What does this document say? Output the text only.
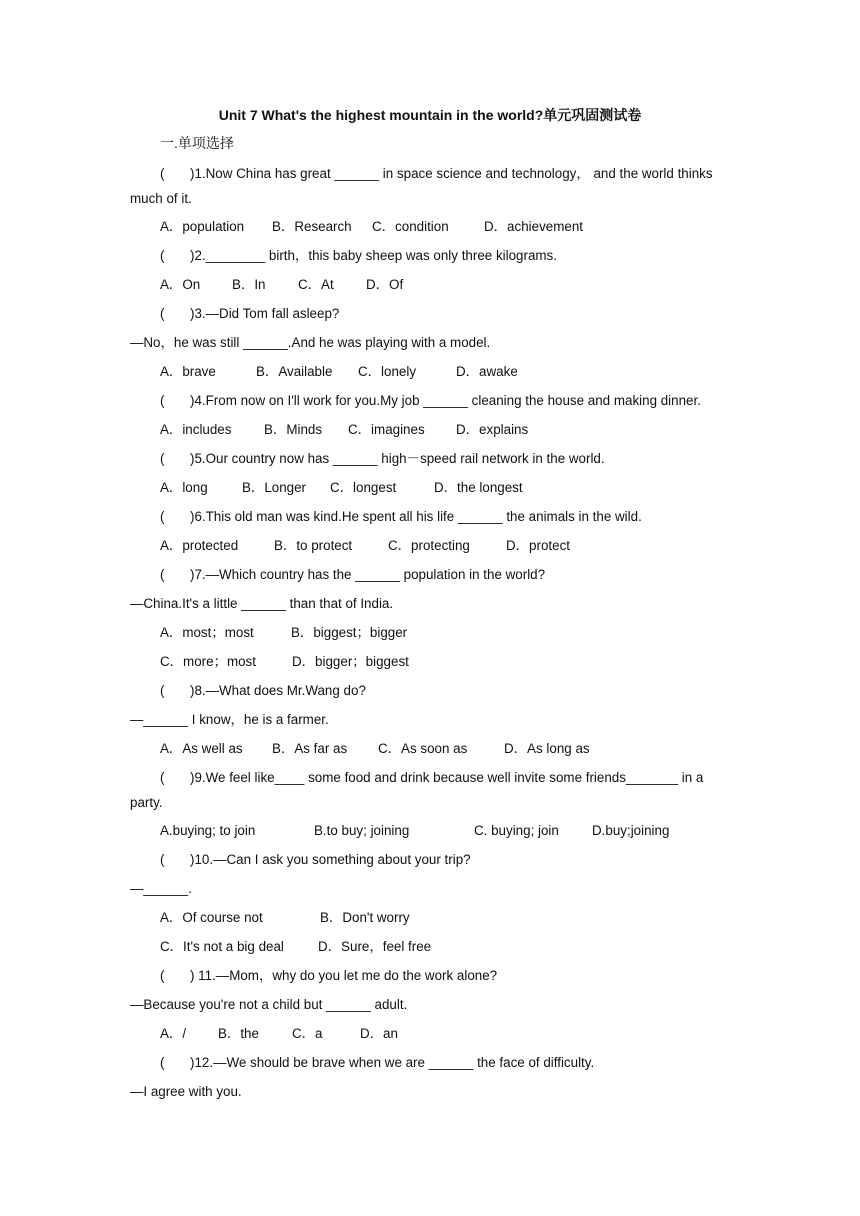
Unit 7 What's the highest mountain in the world?单元巩固测试卷
一.单项选择
( )1.Now China has great ______ in space science and technology， and the world thinks
much of it.
A．population B．Research C．condition	D．achievement
( )2.________ birth，this baby sheep was only three kilograms.
A．On B．In C．At D．Of
( )3.—Did Tom fall asleep?
—No，he was still ______.And he was playing with a model.
A．brave	B．Available C．lonely	D．awake
( )4.From now on I'll work for you.My job ______ cleaning the house and making dinner.
A．includes B．Minds C．imagines D．explains
( )5.Our country now has ______ high－speed rail network in the world.
A．long	B．Longer C．longest	D．the longest
( )6.This old man was kind.He spent all his life ______ the animals in the wild.
A．protected	B．to protect	C．protecting	D．protect
( )7.—Which country has the ______ population in the world?
—China.It's a little ______ than that of India.
A．most；most	B．biggest；bigger
C．more；most	D．bigger；biggest
( )8.—What does Mr.Wang do?
—______ I know，he is a farmer.
A．As well as B．As far as C．As soon as	D．As long as
( )9.We feel like____ some food and drink because well invite some friends_______ in a
party.
A.buying; to join	B.to buy; joining	C. buying; join D.buy;joining
( )10.—Can I ask you something about your trip?
—______.
A．Of course not	B．Don't worry
C．It's not a big deal	D．Sure，feel free
( ) 11.—Mom，why do you let me do the work alone?
—Because you're not a child but ______ adult.
A．/ B．the C．a	D．an
( )12.—We should be brave when we are ______ the face of difficulty.
—I agree with you.
